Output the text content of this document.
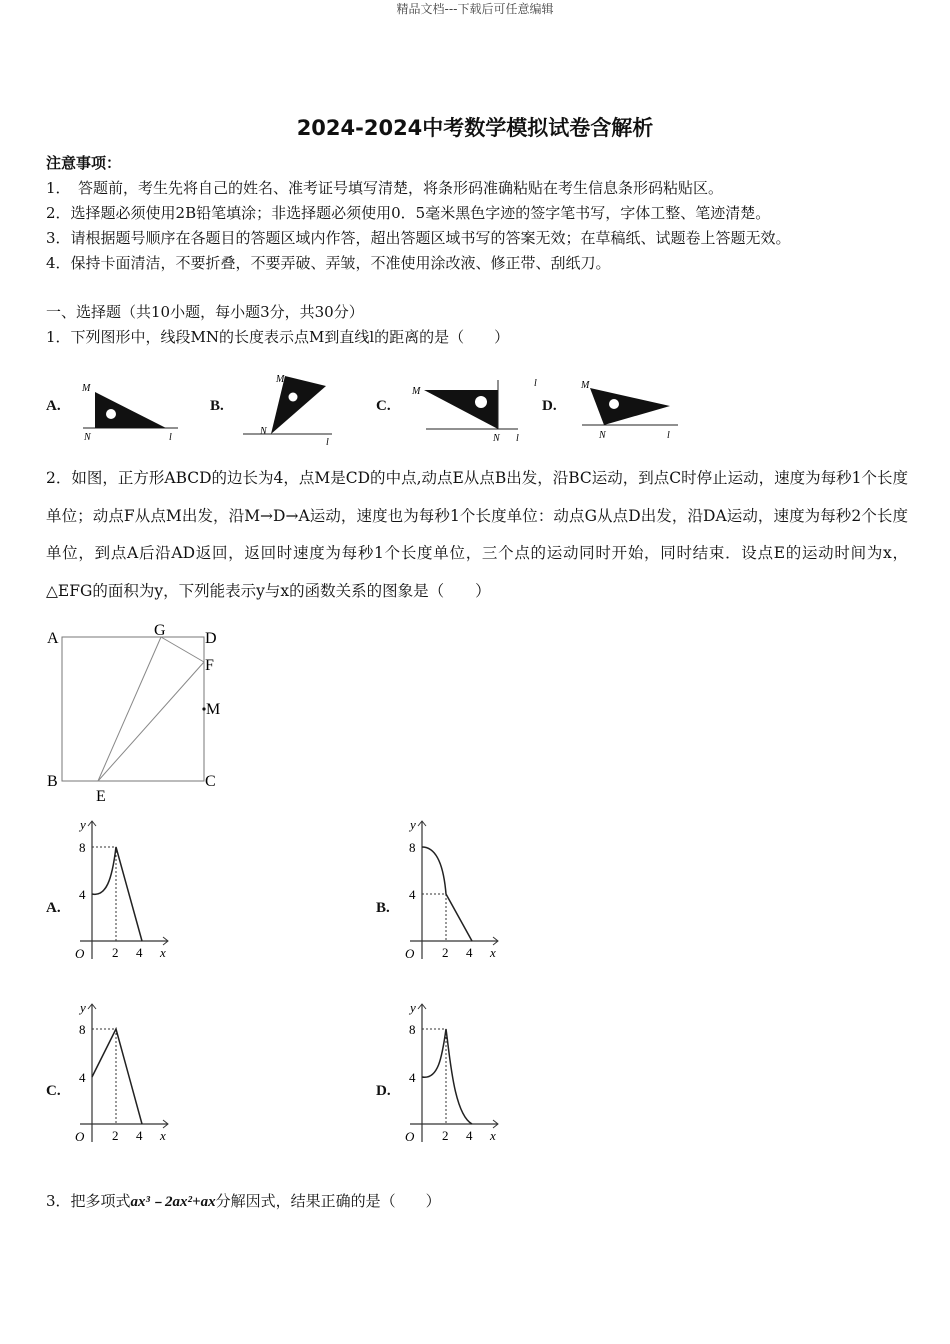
精品文档---下载后可任意编辑
2024-2024中考数学模拟试卷含解析
注意事项：
1．　答题前，考生先将自己的姓名、准考证号填写清楚，将条形码准确粘贴在考生信息条形码粘贴区。
2．选择题必须使用2B铅笔填涂；非选择题必须使用0．5毫米黑色字迹的签字笔书写，字体工整、笔迹清楚。
3．请根据题号顺序在各题目的答题区域内作答，超出答题区域书写的答案无效；在草稿纸、试题卷上答题无效。
4．保持卡面清洁，不要折叠，不要弄破、弄皱，不准使用涂改液、修正带、刮纸刀。
一、选择题（共10小题，每小题3分，共30分）
1．下列图形中，线段MN的长度表示点M到直线l的距离的是（　　）
A.
M
N	l
B.
M
N
l
C.
M
N l
l
D.
M
N	l
2．如图，正方形ABCD的边长为4，点M是CD的中点,动点E从点B出发，沿BC运动，到点C时停止运动，速度为每秒1个长度单位；动点F从点M出发，沿M→D→A运动，速度也为每秒1个长度单位：动点G从点D出发，沿DA运动，速度为每秒2个长度单位，到点A后沿AD返回，返回时速度为每秒1个长度单位，三个点的运动同时开始，同时结束．设点E的运动时间为x，△EFG的面积为y，下列能表示y与x的函数关系的图象是（　　）
A	G D
F
M
B	C
E
A.
y
x
O
8
4
2 4
B.
y
x
O
8
4
2 4
C.
y
x
O
8
4
2 4
D.
y
x
O
8
4
2 4
3．把多项式ax³﹣2ax²+ax分解因式，结果正确的是（　　）
